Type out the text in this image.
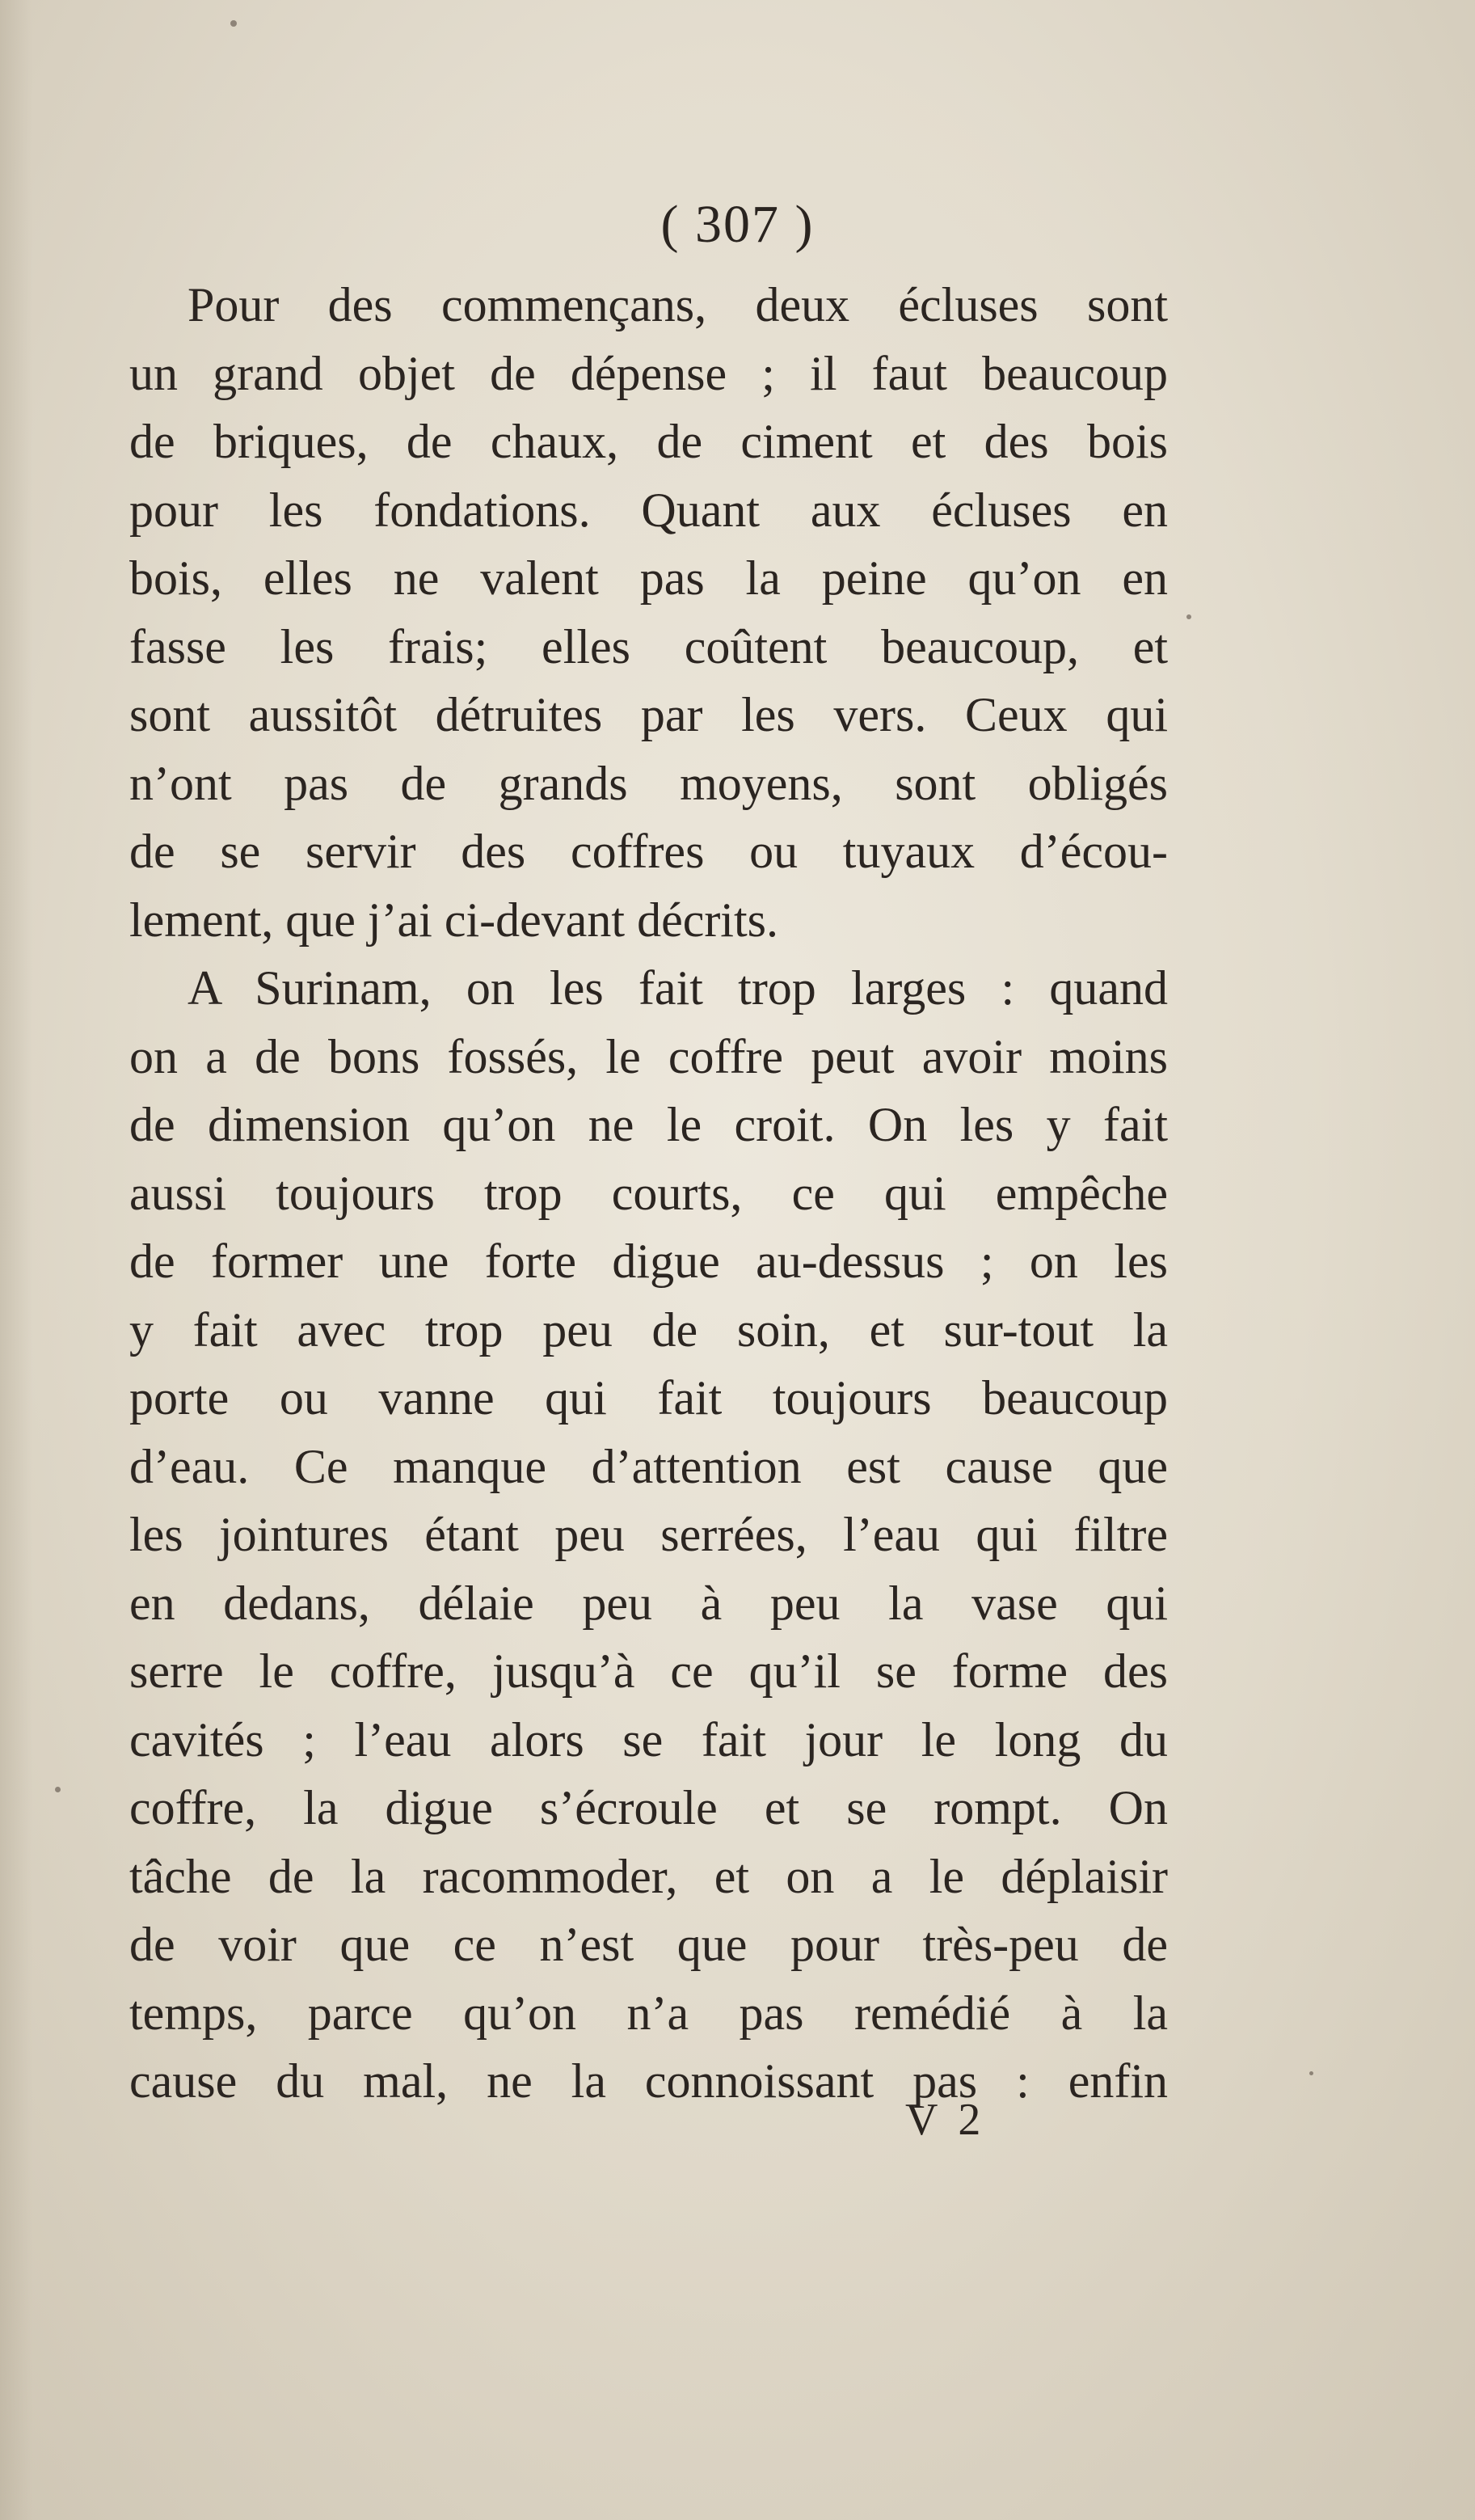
( 307 )
Pour des commençans, deux écluses sont
un grand objet de dépense ; il faut beaucoup
de briques, de chaux, de ciment et des bois
pour les fondations. Quant aux écluses en
bois, elles ne valent pas la peine qu’on en
fasse les frais; elles coûtent beaucoup, et
sont aussitôt détruites par les vers. Ceux qui
n’ont pas de grands moyens, sont obligés
de se servir des coffres ou tuyaux d’écou-
lement, que j’ai ci-devant décrits.
A Surinam, on les fait trop larges : quand
on a de bons fossés, le coffre peut avoir moins
de dimension qu’on ne le croit. On les y fait
aussi toujours trop courts, ce qui empêche
de former une forte digue au-dessus ; on les
y fait avec trop peu de soin, et sur-tout la
porte ou vanne qui fait toujours beaucoup
d’eau. Ce manque d’attention est cause que
les jointures étant peu serrées, l’eau qui filtre
en dedans, délaie peu à peu la vase qui
serre le coffre, jusqu’à ce qu’il se forme des
cavités ; l’eau alors se fait jour le long du
coffre, la digue s’écroule et se rompt. On
tâche de la racommoder, et on a le déplaisir
de voir que ce n’est que pour très-peu de
temps, parce qu’on n’a pas remédié à la
cause du mal, ne la connoissant pas : enfin
V 2
